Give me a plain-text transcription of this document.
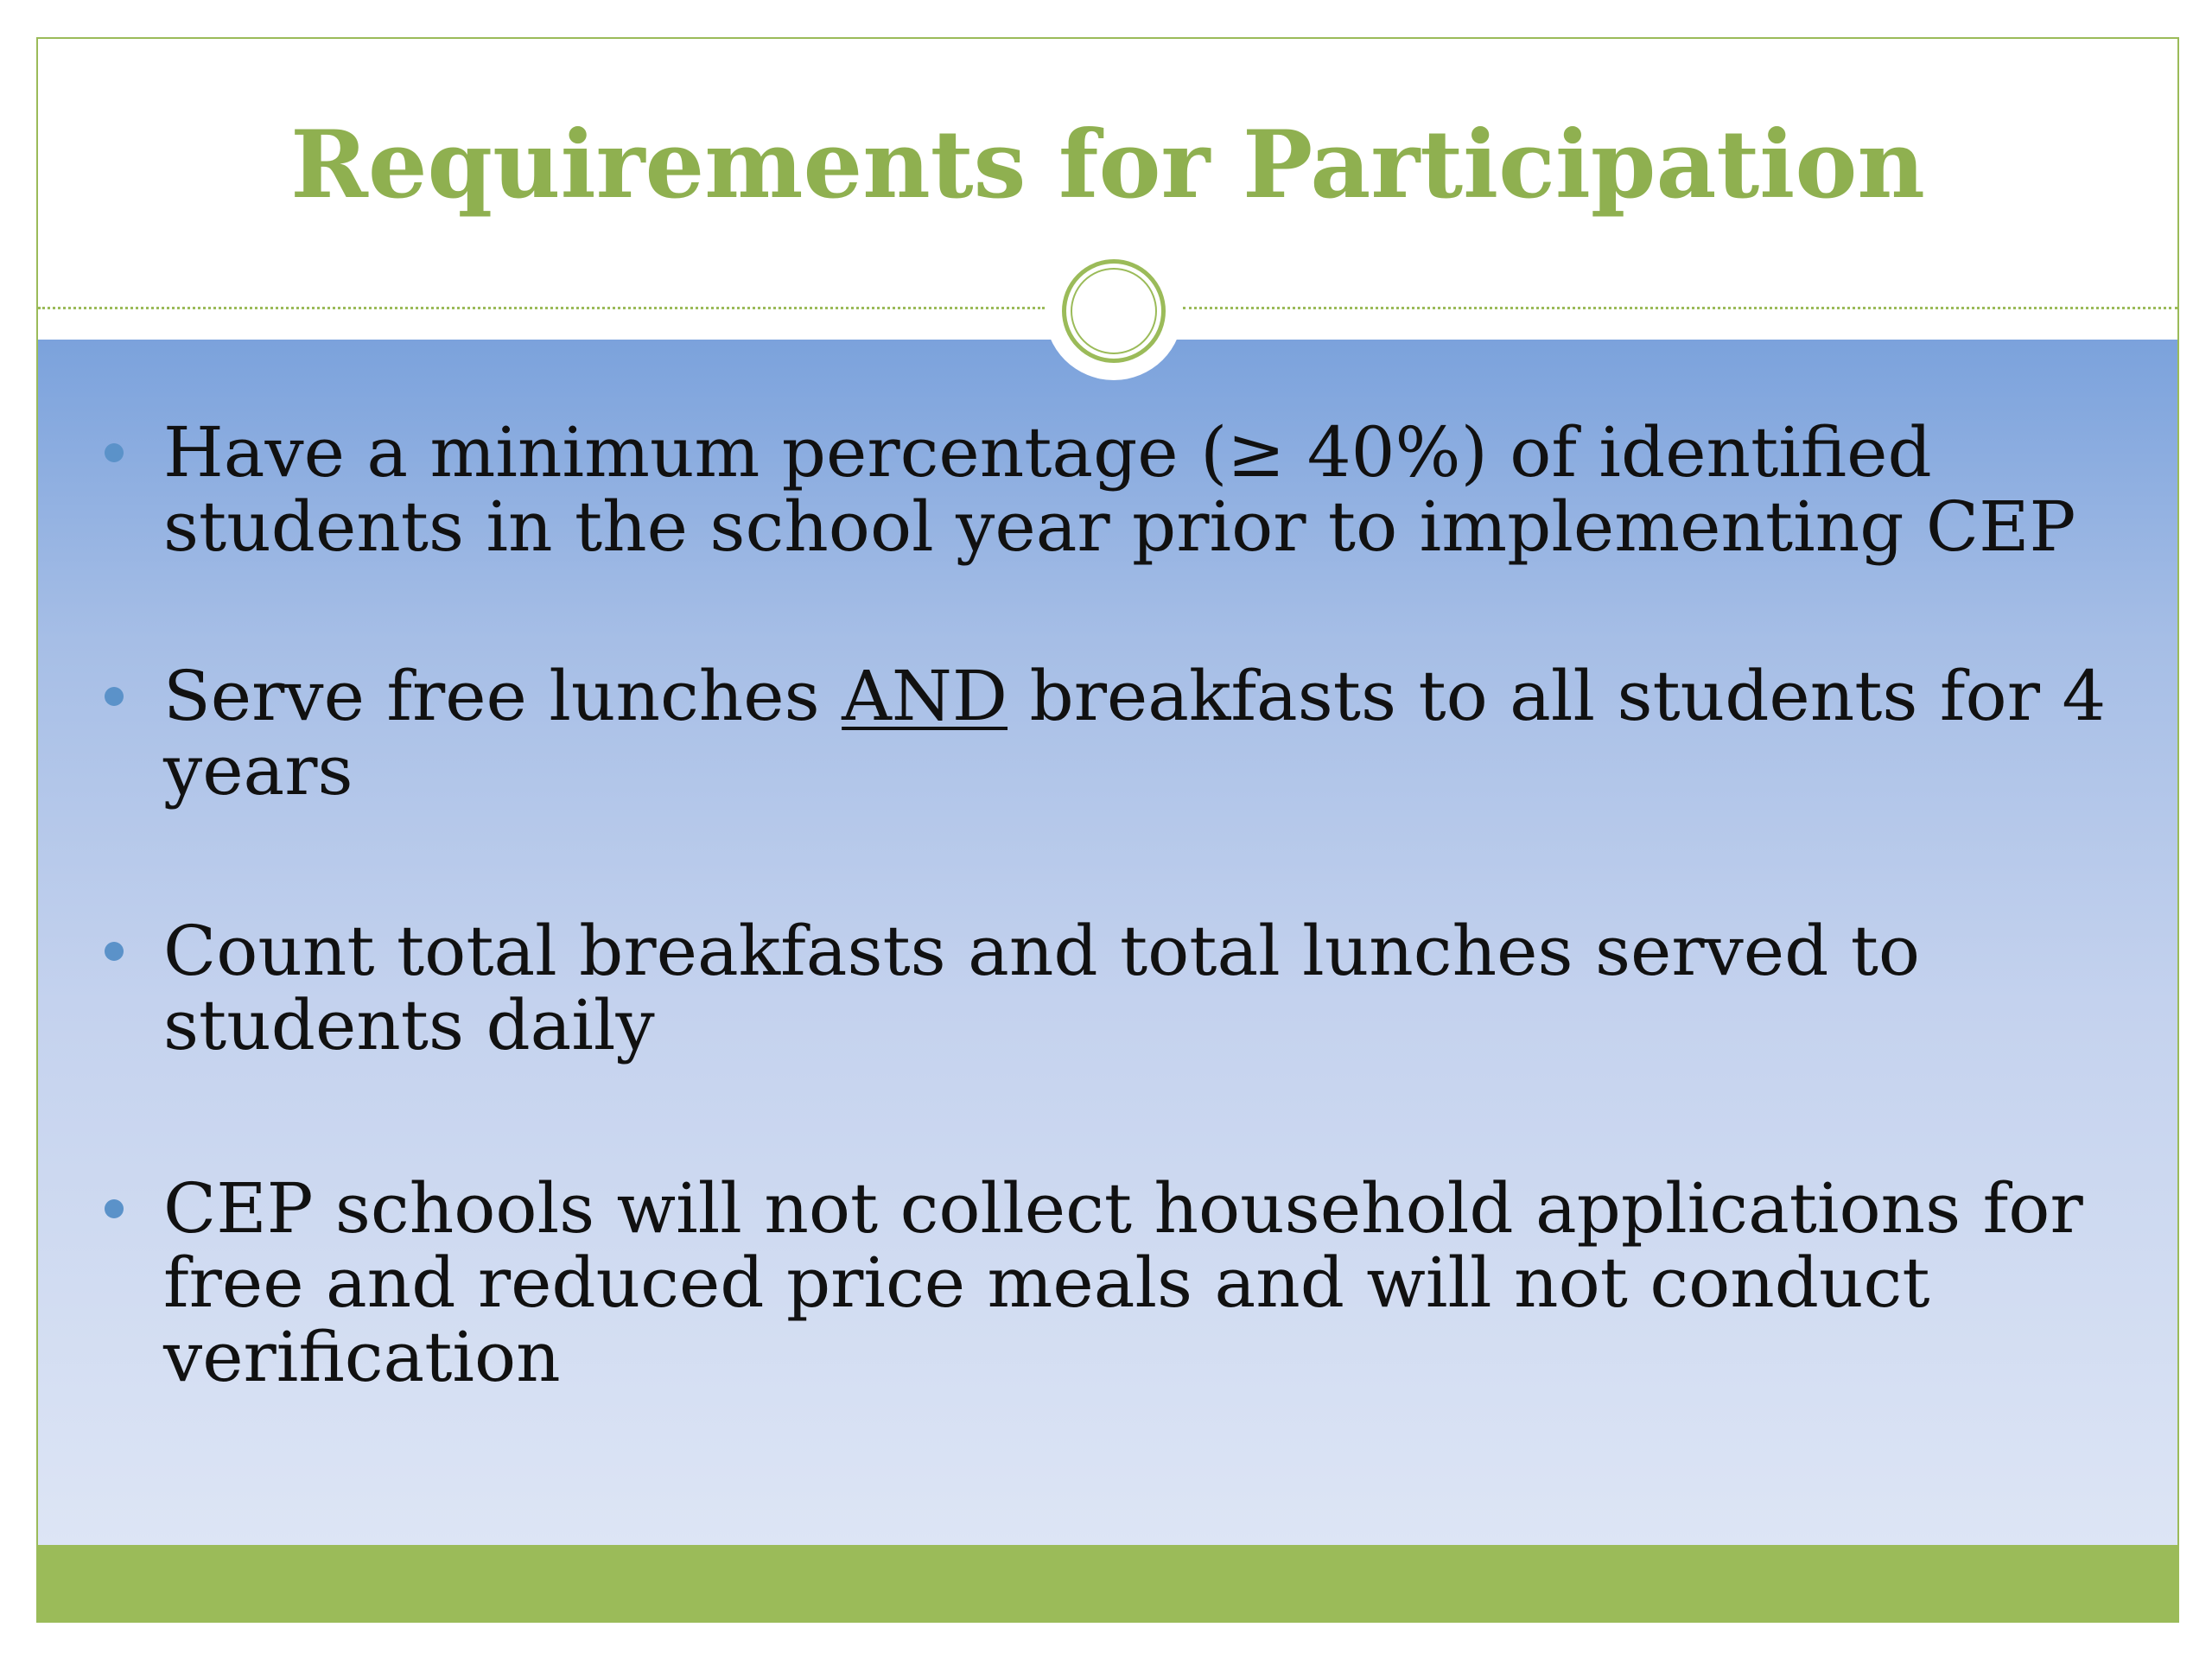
Requirements for Participation

Have a minimum percentage (≥ 40%) of identified students in the school year prior to implementing CEP

Serve free lunches AND breakfasts to all students for 4 years

Count total breakfasts and total lunches served to students daily

CEP schools will not collect household applications for free and reduced price meals and will not conduct verification
